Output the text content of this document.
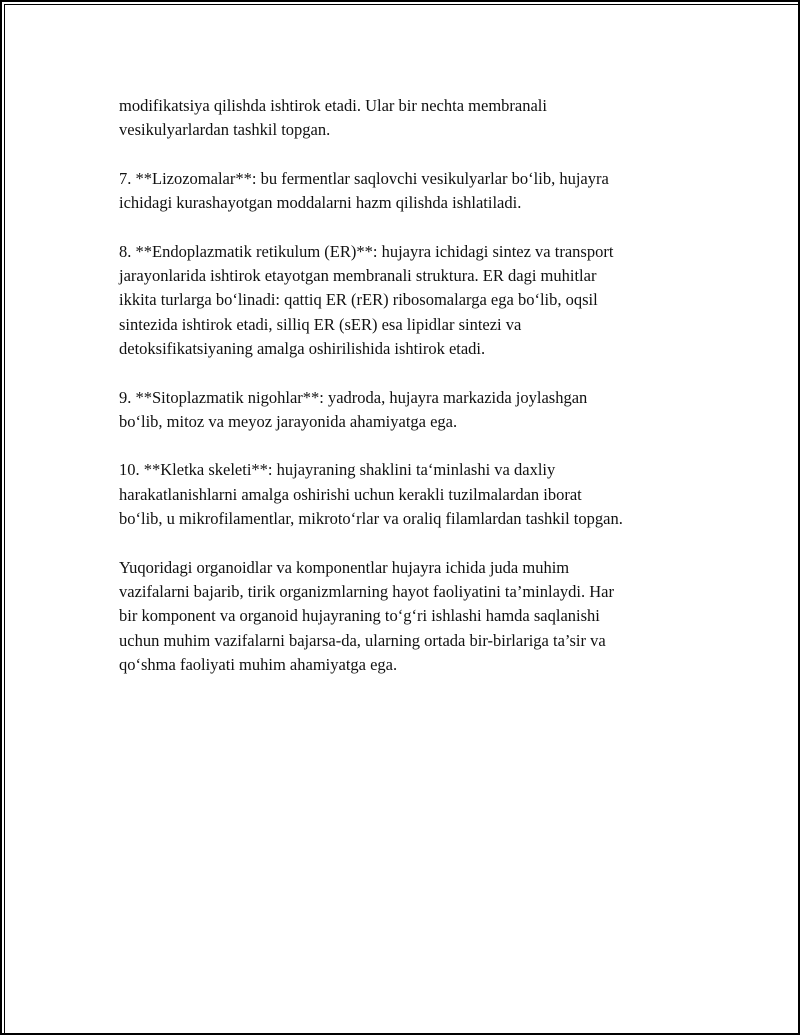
modifikatsiya qilishda ishtirok etadi. Ular bir nechta membranali
vesikulyarlardan tashkil topgan.

7. **Lizozomalar**: bu fermentlar saqlovchi vesikulyarlar bo‘lib, hujayra
ichidagi kurashayotgan moddalarni hazm qilishda ishlatiladi.

8. **Endoplazmatik retikulum (ER)**: hujayra ichidagi sintez va transport
jarayonlarida ishtirok etayotgan membranali struktura. ER dagi muhitlar
ikkita turlarga bo‘linadi: qattiq ER (rER) ribosomalarga ega bo‘lib, oqsil
sintezida ishtirok etadi, silliq ER (sER) esa lipidlar sintezi va
detoksifikatsiyaning amalga oshirilishida ishtirok etadi.

9. **Sitoplazmatik nigohlar**: yadroda, hujayra markazida joylashgan
bo‘lib, mitoz va meyoz jarayonida ahamiyatga ega.

10. **Kletka skeleti**: hujayraning shaklini ta‘minlashi va daxliy
harakatlanishlarni amalga oshirishi uchun kerakli tuzilmalardan iborat
bo‘lib, u mikrofilamentlar, mikroto‘rlar va oraliq filamlardan tashkil topgan.

Yuqoridagi organoidlar va komponentlar hujayra ichida juda muhim
vazifalarni bajarib, tirik organizmlarning hayot faoliyatini ta’minlaydi. Har
bir komponent va organoid hujayraning to‘g‘ri ishlashi hamda saqlanishi
uchun muhim vazifalarni bajarsa-da, ularning ortada bir-birlariga ta’sir va
qo‘shma faoliyati muhim ahamiyatga ega.
